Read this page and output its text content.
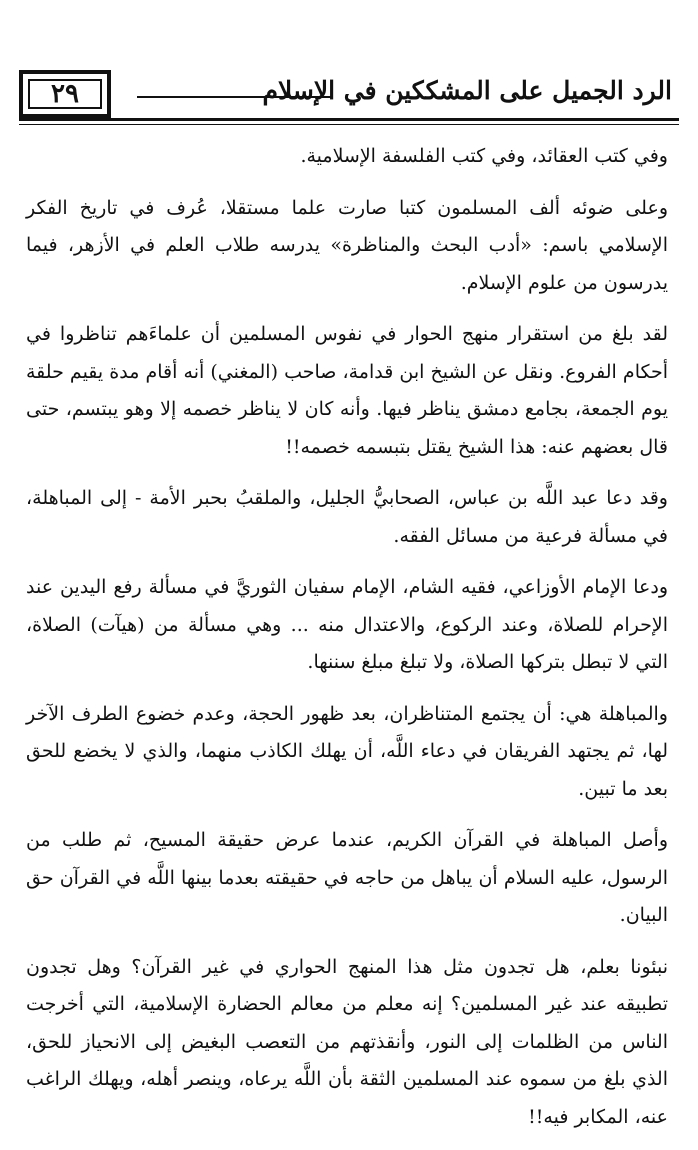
٢٩	الرد الجميل على المشككين في الإسلام

وفي كتب العقائد، وفي كتب الفلسفة الإسلامية.

وعلى ضوئه ألف المسلمون كتبا صارت علما مستقلا، عُرف في تاريخ الفكر الإسلامي باسم: «أدب البحث والمناظرة» يدرسه طلاب العلم في الأزهر، فيما يدرسون من علوم الإسلام.

لقد بلغ من استقرار منهج الحوار في نفوس المسلمين أن علماءَهم تناظروا في أحكام الفروع. ونقل عن الشيخ ابن قدامة، صاحب (المغني) أنه أقام مدة يقيم حلقة يوم الجمعة، بجامع دمشق يناظر فيها. وأنه كان لا يناظر خصمه إلا وهو يبتسم، حتى قال بعضهم عنه: هذا الشيخ يقتل بتبسمه خصمه!!

وقد دعا عبد اللَّه بن عباس، الصحابيُّ الجليل، والملقبُ بحبر الأمة - إلى المباهلة، في مسألة فرعية من مسائل الفقه.

ودعا الإمام الأوزاعي، فقيه الشام، الإمام سفيان الثوريَّ في مسألة رفع اليدين عند الإحرام للصلاة، وعند الركوع، والاعتدال منه ... وهي مسألة من (هيآت) الصلاة، التي لا تبطل بتركها الصلاة، ولا تبلغ مبلغ سننها.

والمباهلة هي: أن يجتمع المتناظران، بعد ظهور الحجة، وعدم خضوع الطرف الآخر لها، ثم يجتهد الفريقان في دعاء اللَّه، أن يهلك الكاذب منهما، والذي لا يخضع للحق بعد ما تبين.

وأصل المباهلة في القرآن الكريم، عندما عرض حقيقة المسيح، ثم طلب من الرسول، عليه السلام أن يباهل من حاجه في حقيقته بعدما بينها اللَّه في القرآن حق البيان.

نبئونا بعلم، هل تجدون مثل هذا المنهج الحواري في غير القرآن؟ وهل تجدون تطبيقه عند غير المسلمين؟ إنه معلم من معالم الحضارة الإسلامية، التي أخرجت الناس من الظلمات إلى النور، وأنقذتهم من التعصب البغيض إلى الانحياز للحق، الذي بلغ من سموه عند المسلمين الثقة بأن اللَّه يرعاه، وينصر أهله، ويهلك الراغب عنه، المكابر فيه!!
